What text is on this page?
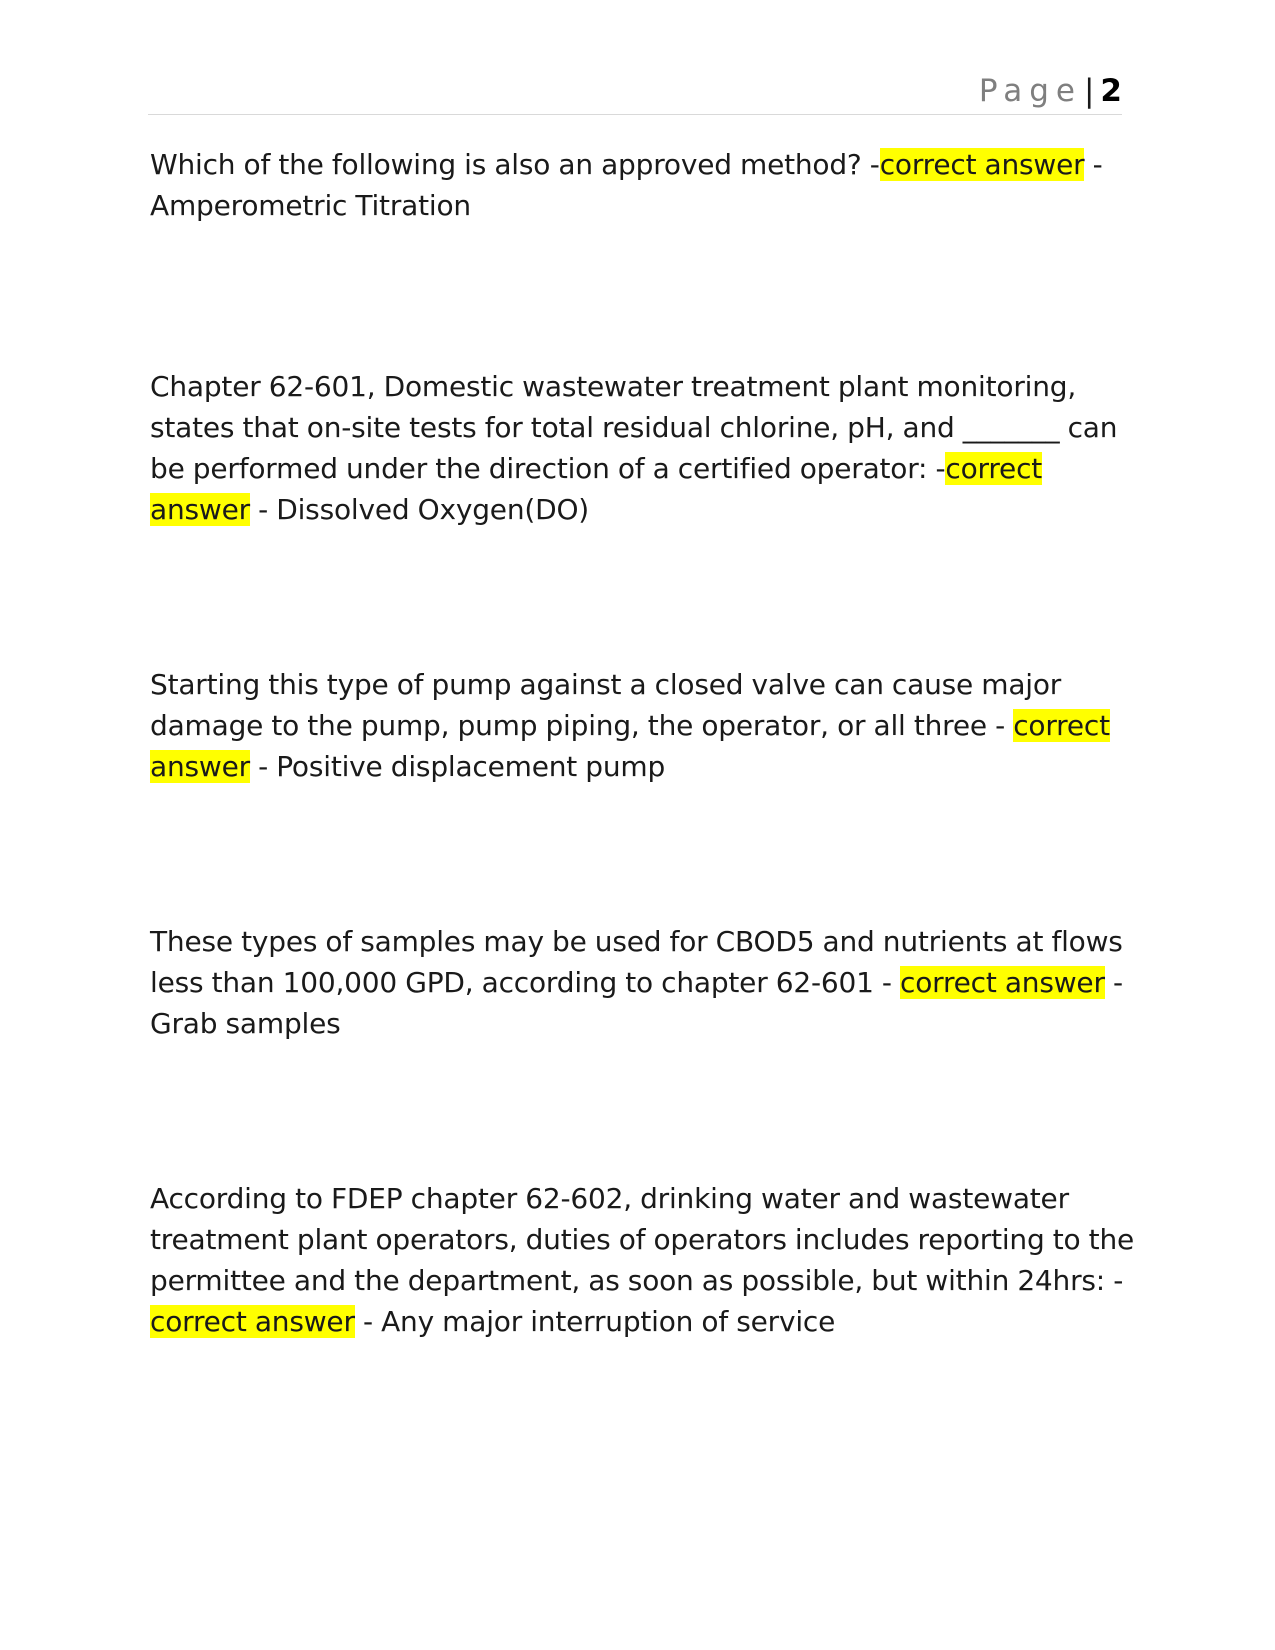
Page| 2

Which of the following is also an approved method? -correct answer - Amperometric Titration

Chapter 62-601, Domestic wastewater treatment plant monitoring, states that on-site tests for total residual chlorine, pH, and _______ can be performed under the direction of a certified operator: -correct answer - Dissolved Oxygen(DO)

Starting this type of pump against a closed valve can cause major damage to the pump, pump piping, the operator, or all three - correct answer - Positive displacement pump

These types of samples may be used for CBOD5 and nutrients at flows less than 100,000 GPD, according to chapter 62-601 - correct answer - Grab samples

According to FDEP chapter 62-602, drinking water and wastewater treatment plant operators, duties of operators includes reporting to the permittee and the department, as soon as possible, but within 24hrs: -correct answer - Any major interruption of service
